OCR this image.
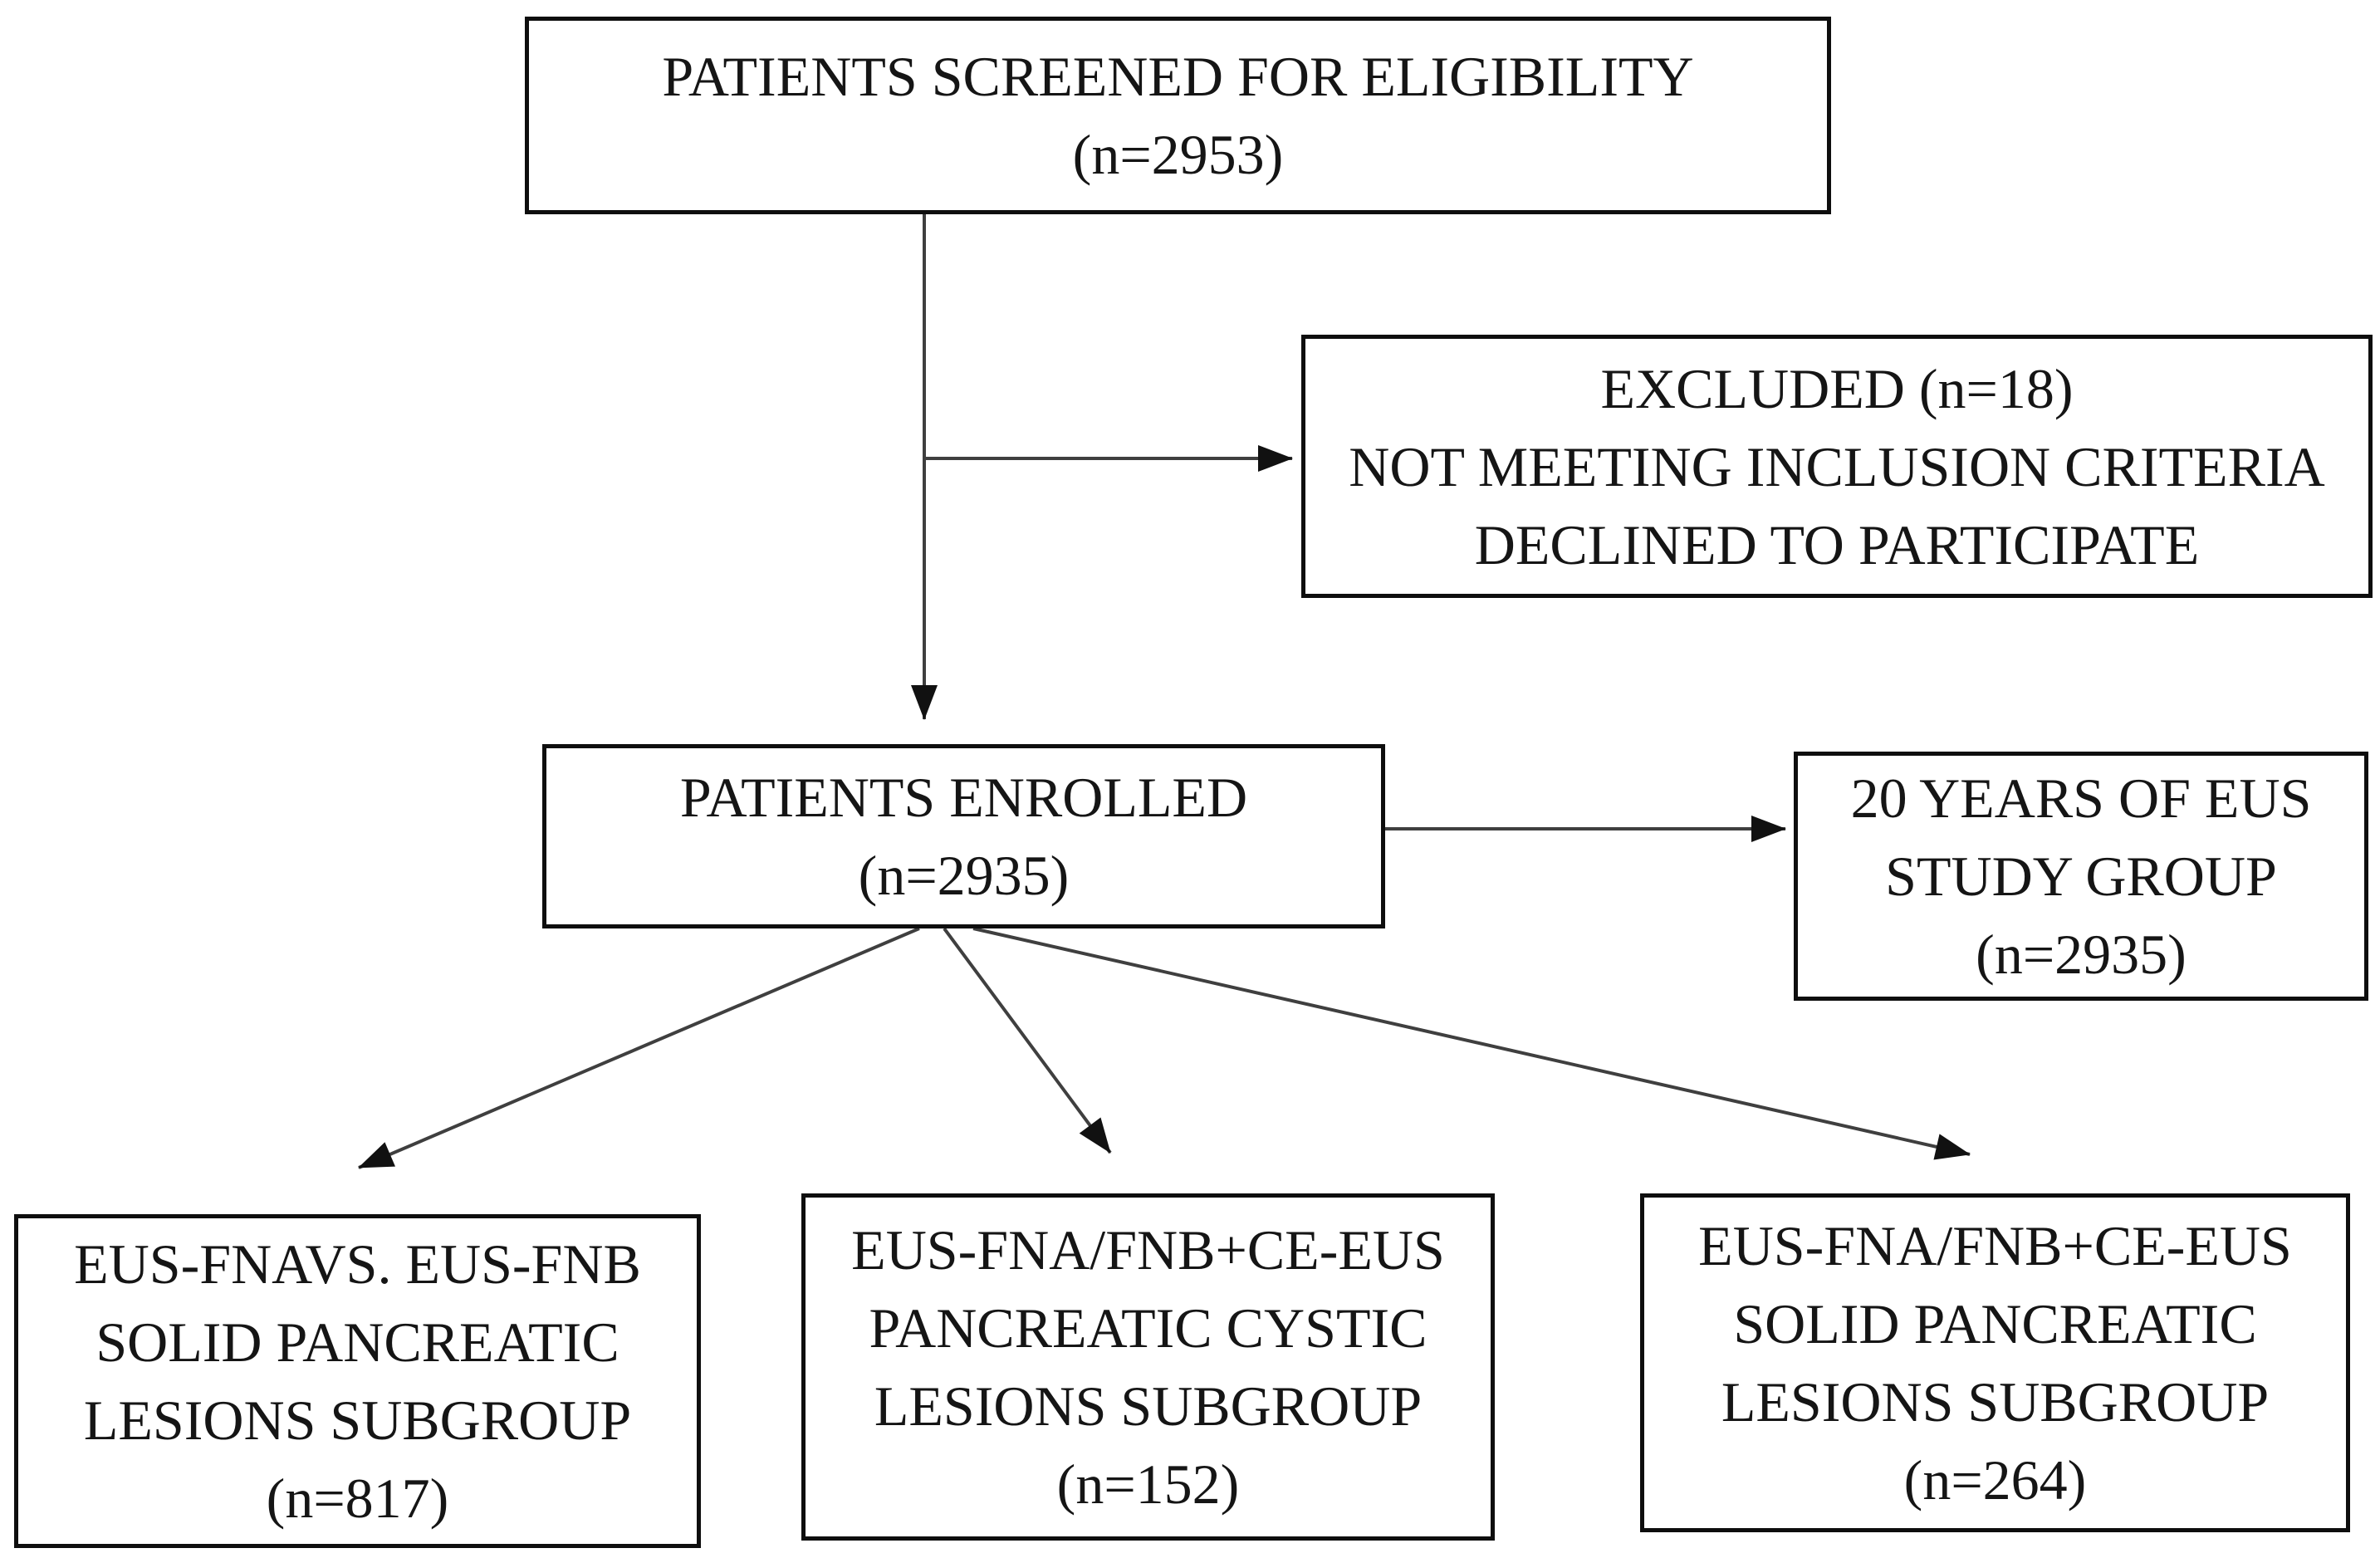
PATIENTS SCREENED FOR ELIGIBILITY
(n=2953)
EXCLUDED (n=18)
NOT MEETING INCLUSION CRITERIA
DECLINED TO PARTICIPATE
PATIENTS ENROLLED
(n=2935)
20 YEARS OF EUS
STUDY GROUP
(n=2935)
EUS-FNAVS. EUS-FNB
SOLID PANCREATIC
LESIONS SUBGROUP
(n=817)
EUS-FNA/FNB+CE-EUS
PANCREATIC CYSTIC
LESIONS SUBGROUP
(n=152)
EUS-FNA/FNB+CE-EUS
SOLID PANCREATIC
LESIONS SUBGROUP
(n=264)
